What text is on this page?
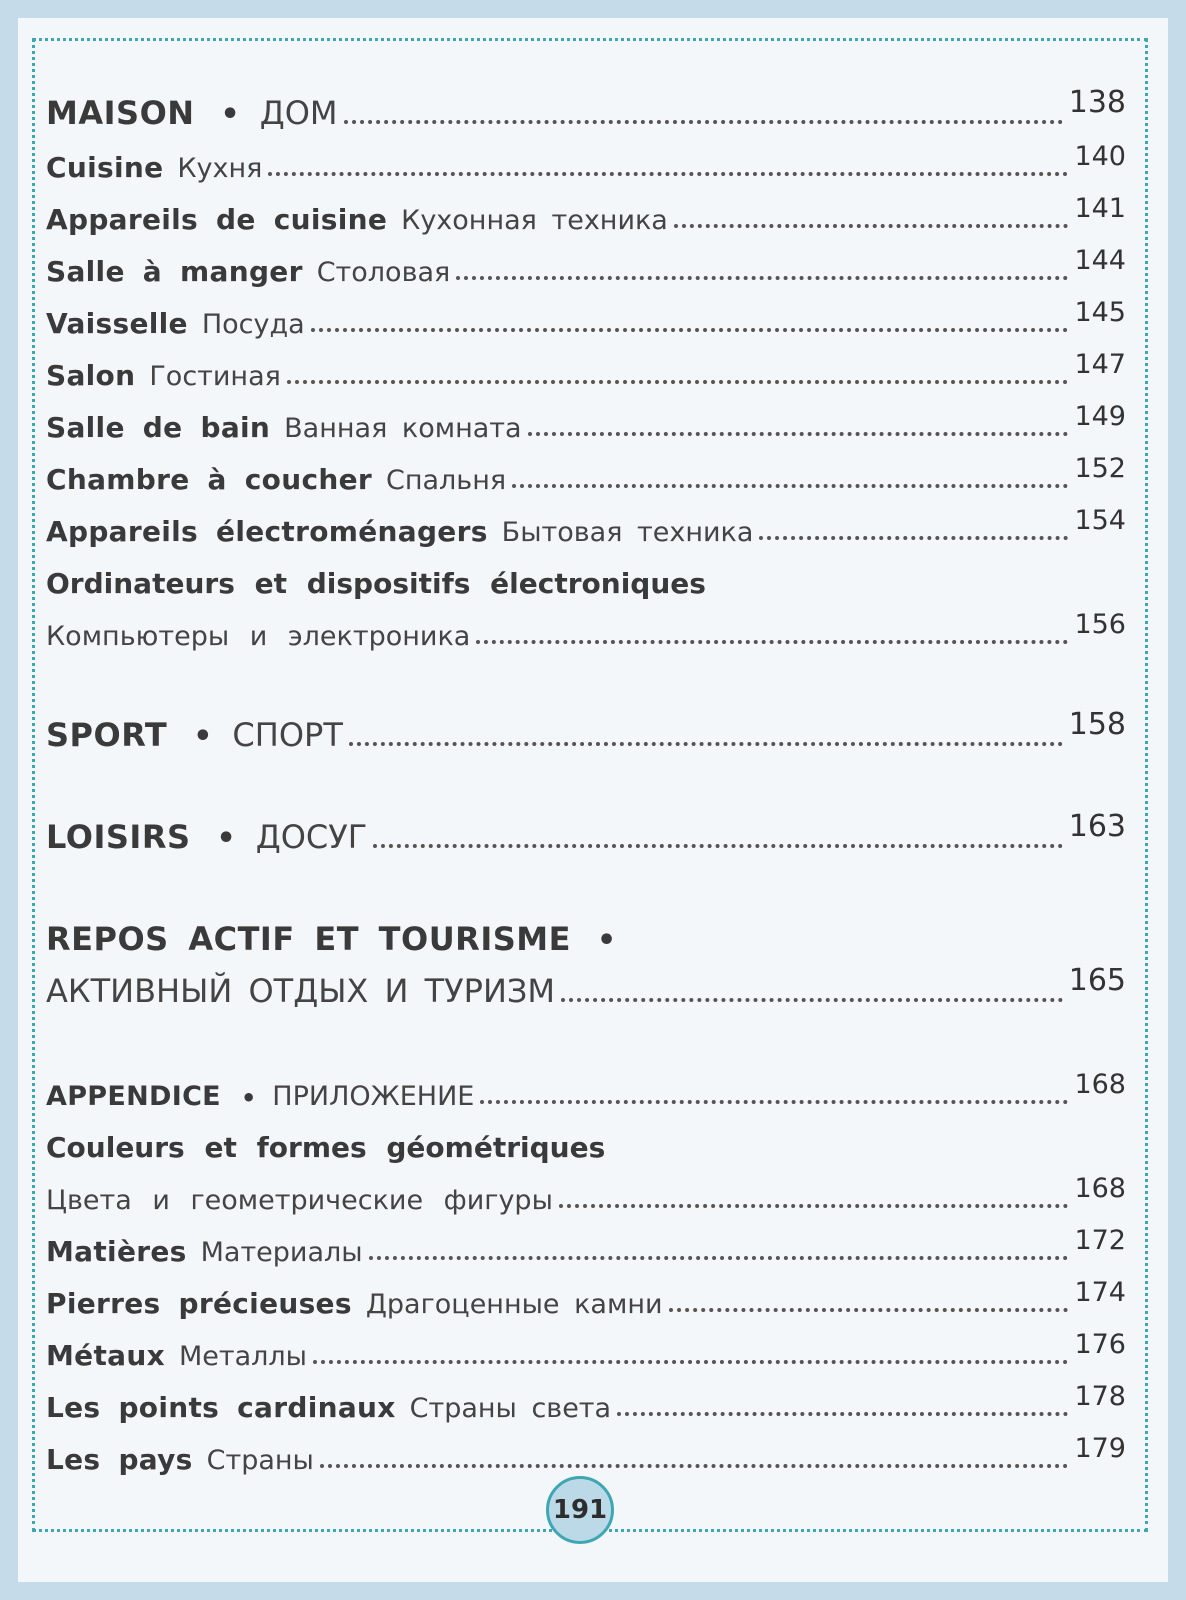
MAISON • ДОМ	138
Cuisine Кухня	140
Appareils de cuisine Кухонная техника	141
Salle à manger Столовая	144
Vaisselle Посуда	145
Salon Гостиная	147
Salle de bain Ванная комната	149
Chambre à coucher Спальня	152
Appareils électroménagers Бытовая техника	154
Ordinateurs et dispositifs électroniques
Компьютеры и электроника	156
SPORT • СПОРТ	158
LOISIRS • ДОСУГ	163
REPOS ACTIF ET TOURISME •
АКТИВНЫЙ ОТДЫХ И ТУРИЗМ	165
APPENDICE • ПРИЛОЖЕНИЕ	168
Couleurs et formes géométriques
Цвета и геометрические фигуры	168
Matières Материалы	172
Pierres précieuses Драгоценные камни	174
Métaux Металлы	176
Les points cardinaux Страны света	178
Les pays Страны	179
191
